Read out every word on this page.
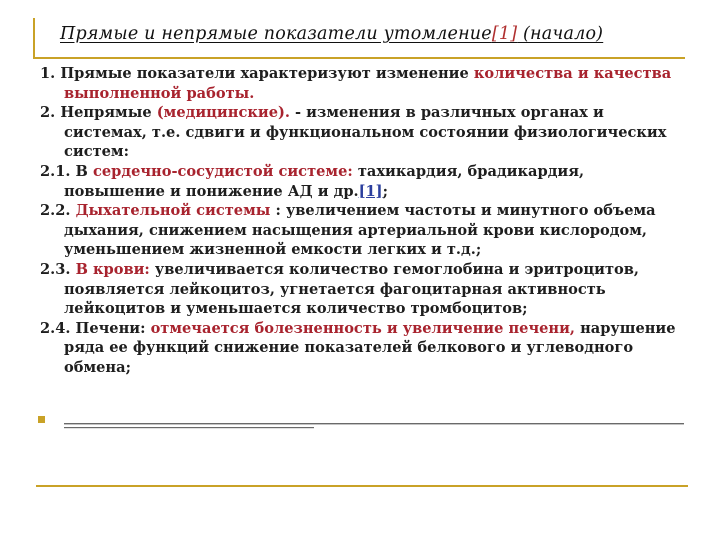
Прямые и непрямые показатели утомление[1] (начало)

1. Прямые показатели характеризуют изменение количества и качества выполненной работы.

2. Непрямые (медицинские). - изменения в различных органах и системах, т.е. сдвиги и функциональном состоянии физиологических систем:

2.1. В сердечно-сосудистой системе: тахикардия, брадикардия, повышение и понижение АД и др.[1];

2.2. Дыхательной системы : увеличением частоты и минутного объема дыхания, снижением насыщения артериальной крови кислородом, уменьшением жизненной емкости легких и т.д.;

2.3. В крови: увеличивается количество гемоглобина и эритроцитов, появляется лейкоцитоз, угнетается фагоцитарная активность лейкоцитов и уменьшается количество тромбоцитов;

2.4. Печени: отмечается болезненность и увеличение печени, нарушение ряда ее функций снижение показателей белкового и углеводного обмена;
